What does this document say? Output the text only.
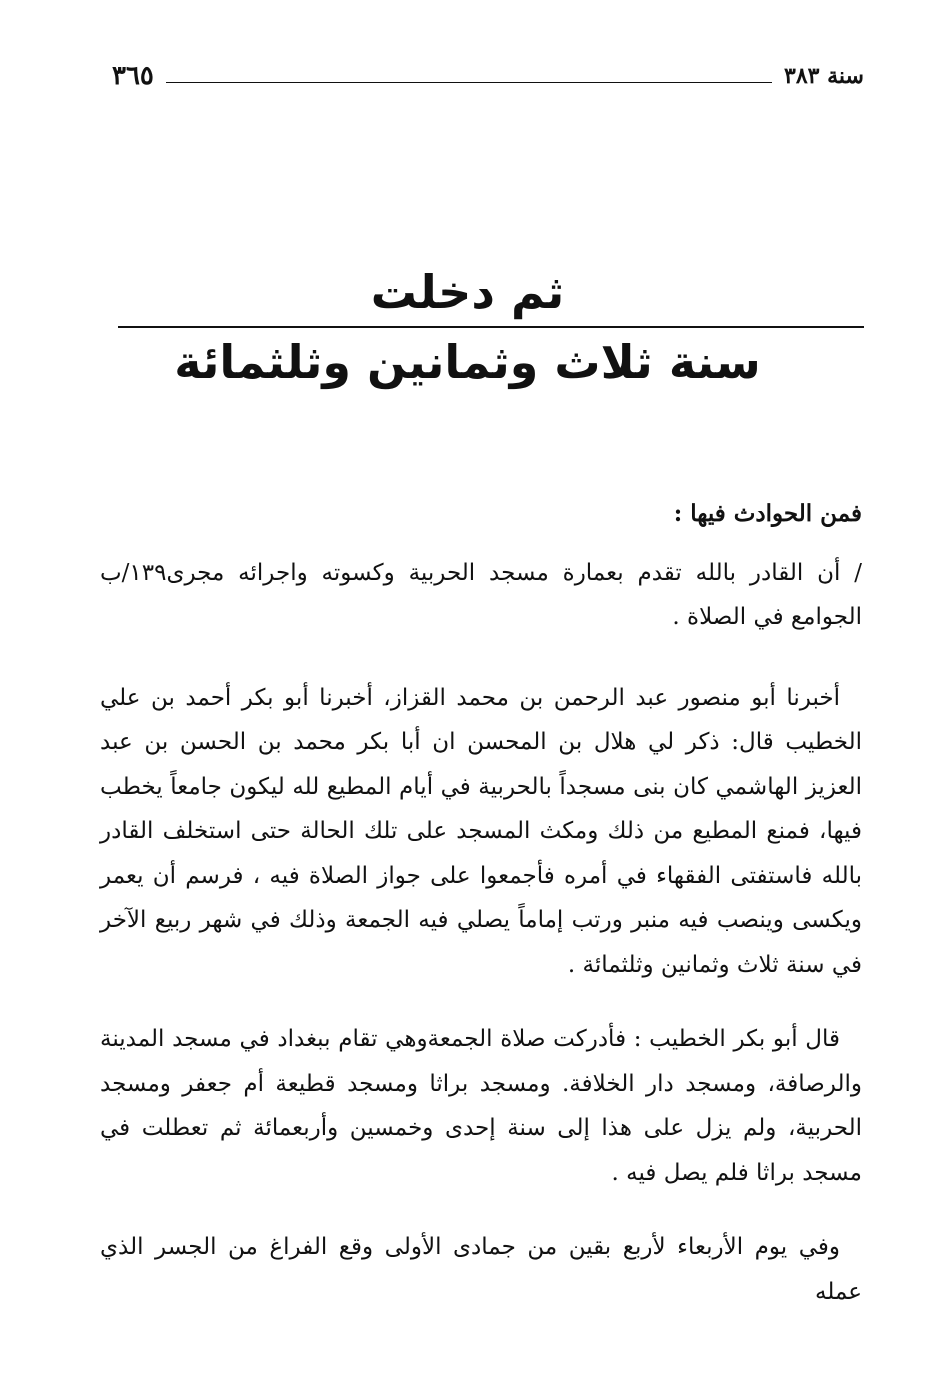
سنة ٣٨٣
٣٦٥
ثم دخلت
سنة ثلاث وثمانين وثلثمائة

فمن الحوادث فيها :

١٣٩/ب / أن القادر بالله تقدم بعمارة مسجد الحربية وكسوته واجرائه مجرى الجوامع في الصلاة .

أخبرنا أبو منصور عبد الرحمن بن محمد القزاز، أخبرنا أبو بكر أحمد بن علي الخطيب قال: ذكر لي هلال بن المحسن ان أبا بكر محمد بن الحسن بن عبد العزيز الهاشمي كان بنى مسجداً بالحربية في أيام المطيع لله ليكون جامعاً يخطب فيها، فمنع المطيع من ذلك ومكث المسجد على تلك الحالة حتى استخلف القادر بالله فاستفتى الفقهاء في أمره فأجمعوا على جواز الصلاة فيه ، فرسم أن يعمر ويكسى وينصب فيه منبر ورتب إماماً يصلي فيه الجمعة وذلك في شهر ربيع الآخر في سنة ثلاث وثمانين وثلثمائة .

قال أبو بكر الخطيب : فأدركت صلاة الجمعةوهي تقام ببغداد في مسجد المدينة والرصافة، ومسجد دار الخلافة. ومسجد براثا ومسجد قطيعة أم جعفر ومسجد الحربية، ولم يزل على هذا إلى سنة إحدى وخمسين وأربعمائة ثم تعطلت في مسجد براثا فلم يصل فيه .

وفي يوم الأربعاء لأربع بقين من جمادى الأولى وقع الفراغ من الجسر الذي عمله
